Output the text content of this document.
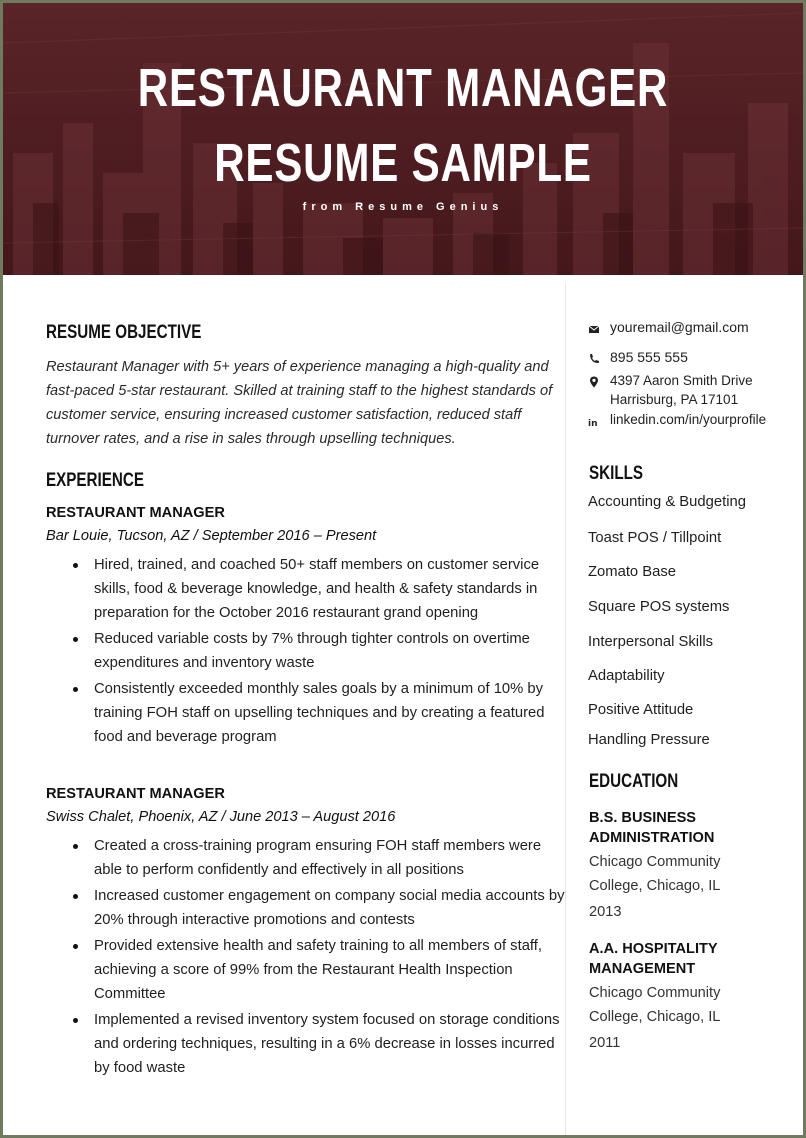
RESTAURANT MANAGER
RESUME SAMPLE
from Resume Genius
RESUME OBJECTIVE
Restaurant Manager with 5+ years of experience managing a high-quality and fast-paced 5-star restaurant. Skilled at training staff to the highest standards of customer service, ensuring increased customer satisfaction, reduced staff turnover rates, and a rise in sales through upselling techniques.
EXPERIENCE
RESTAURANT MANAGER
Bar Louie, Tucson, AZ / September 2016 – Present
Hired, trained, and coached 50+ staff members on customer service skills, food & beverage knowledge, and health & safety standards in preparation for the October 2016 restaurant grand opening
Reduced variable costs by 7% through tighter controls on overtime expenditures and inventory waste
Consistently exceeded monthly sales goals by a minimum of 10% by training FOH staff on upselling techniques and by creating a featured food and beverage program
RESTAURANT MANAGER
Swiss Chalet, Phoenix, AZ / June 2013 – August 2016
Created a cross-training program ensuring FOH staff members were able to perform confidently and effectively in all positions
Increased customer engagement on company social media accounts by 20% through interactive promotions and contests
Provided extensive health and safety training to all members of staff, achieving a score of 99% from the Restaurant Health Inspection Committee
Implemented a revised inventory system focused on storage conditions and ordering techniques, resulting in a 6% decrease in losses incurred by food waste
youremail@gmail.com
895 555 555
4397 Aaron Smith Drive
Harrisburg, PA 17101
in linkedin.com/in/yourprofile
SKILLS
Accounting & Budgeting
Toast POS / Tillpoint
Zomato Base
Square POS systems
Interpersonal Skills
Adaptability
Positive Attitude
Handling Pressure
EDUCATION
B.S. BUSINESS
ADMINISTRATION
Chicago Community
College, Chicago, IL
2013
A.A. HOSPITALITY
MANAGEMENT
Chicago Community
College, Chicago, IL
2011
